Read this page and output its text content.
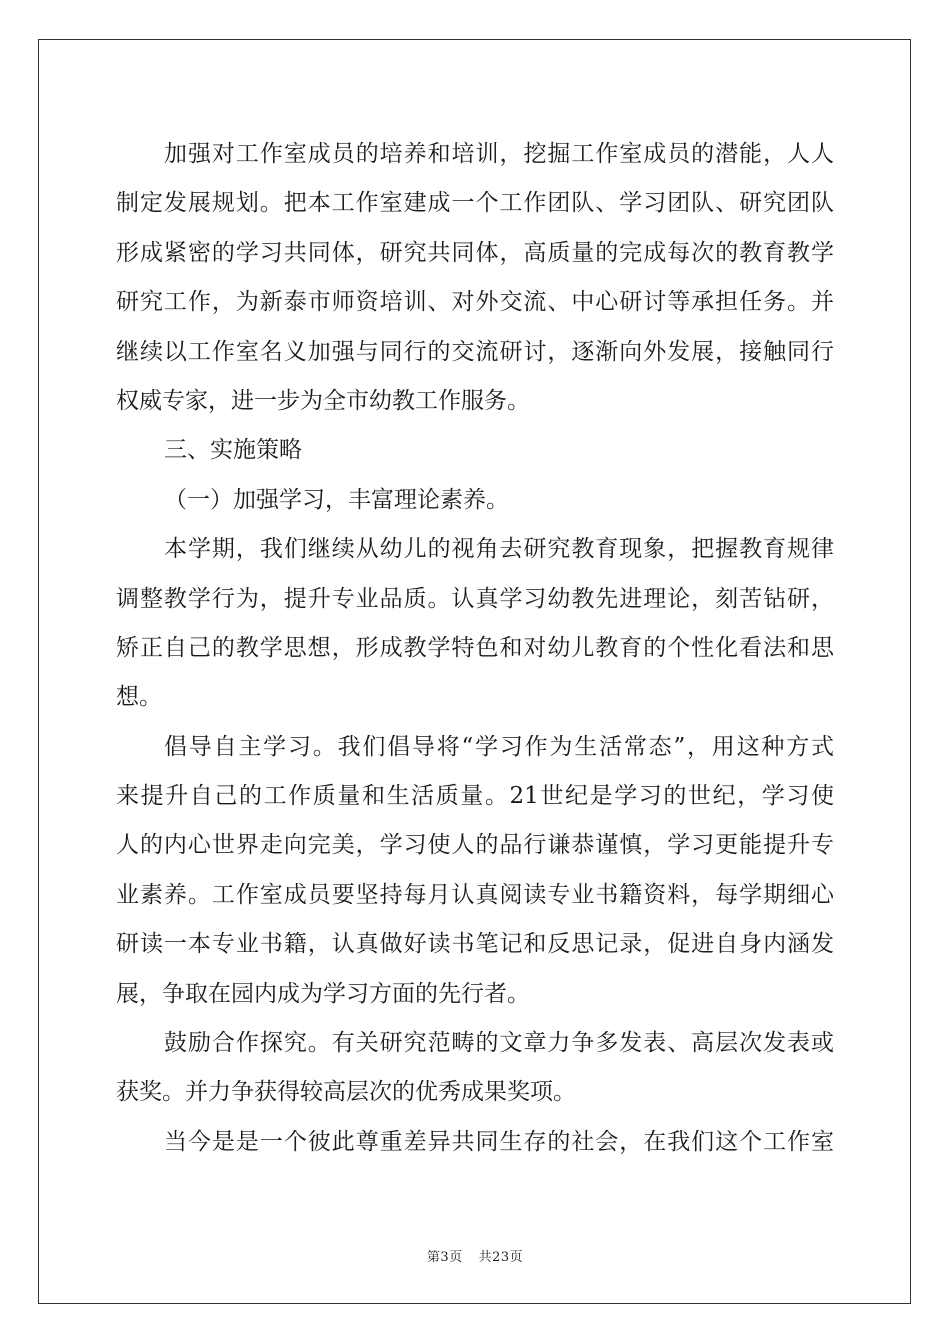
加强对工作室成员的培养和培训，挖掘工作室成员的潜能，人人
制定发展规划。把本工作室建成一个工作团队、学习团队、研究团队
形成紧密的学习共同体，研究共同体，高质量的完成每次的教育教学
研究工作，为新泰市师资培训、对外交流、中心研讨等承担任务。并
继续以工作室名义加强与同行的交流研讨，逐渐向外发展，接触同行
权威专家，进一步为全市幼教工作服务。
三、实施策略
（一）加强学习，丰富理论素养。
本学期，我们继续从幼儿的视角去研究教育现象，把握教育规律
调整教学行为，提升专业品质。认真学习幼教先进理论，刻苦钻研，
矫正自己的教学思想，形成教学特色和对幼儿教育的个性化看法和思
想。
倡导自主学习。我们倡导将“学习作为生活常态”，用这种方式
来提升自己的工作质量和生活质量。21世纪是学习的世纪，学习使
人的内心世界走向完美，学习使人的品行谦恭谨慎，学习更能提升专
业素养。工作室成员要坚持每月认真阅读专业书籍资料，每学期细心
研读一本专业书籍，认真做好读书笔记和反思记录，促进自身内涵发
展，争取在园内成为学习方面的先行者。
鼓励合作探究。有关研究范畴的文章力争多发表、高层次发表或
获奖。并力争获得较高层次的优秀成果奖项。
当今是是一个彼此尊重差异共同生存的社会，在我们这个工作室
第3页 共23页
